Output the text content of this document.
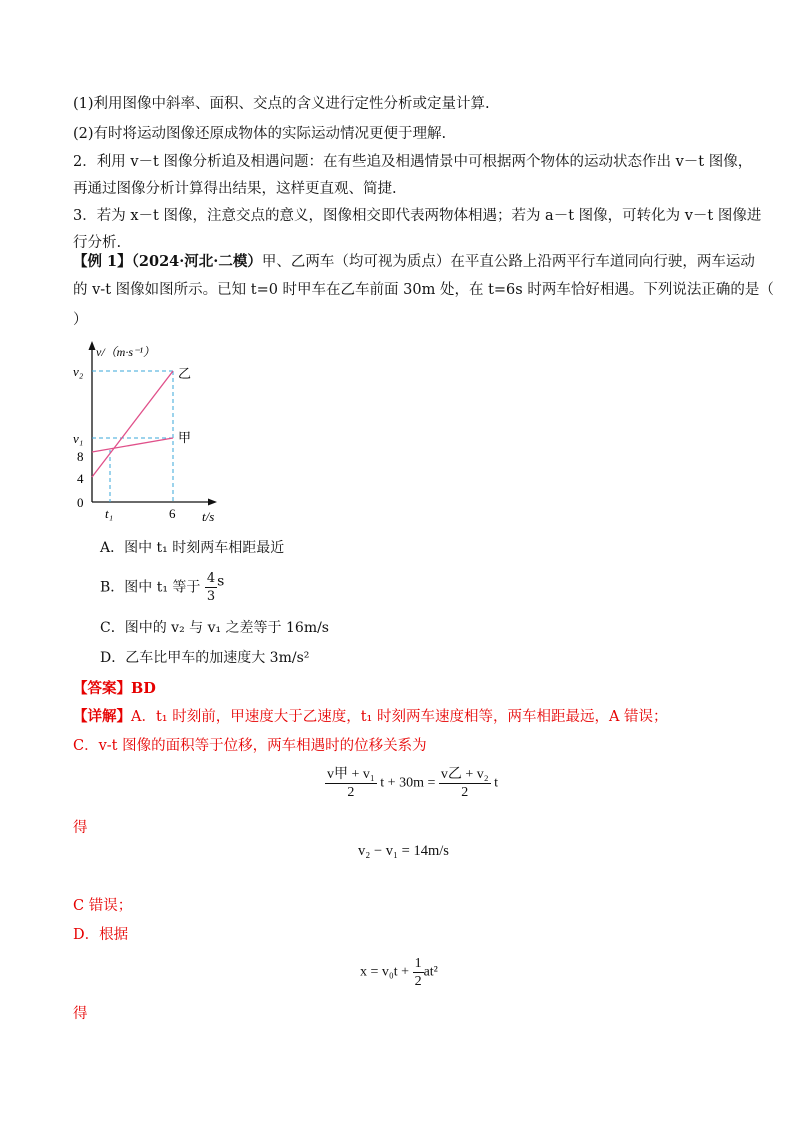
(1)利用图像中斜率、面积、交点的含义进行定性分析或定量计算.
(2)有时将运动图像还原成物体的实际运动情况更便于理解.
2．利用 v－t 图像分析追及相遇问题：在有些追及相遇情景中可根据两个物体的运动状态作出 v－t 图像，
再通过图像分析计算得出结果，这样更直观、简捷.
3．若为 x－t 图像，注意交点的意义，图像相交即代表两物体相遇；若为 a－t 图像，可转化为 v－t 图像进
行分析.
【例 1】（2024·河北·二模）甲、乙两车（均可视为质点）在平直公路上沿两平行车道同向行驶，两车运动
的 v-t 图像如图所示。已知 t=0 时甲车在乙车前面 30m 处，在 t=6s 时两车恰好相遇。下列说法正确的是（
）
v/（m·s⁻¹）
v₂
v₁
8
4
0
t₁	6 t/s
乙
甲
A．图中 t₁ 时刻两车相距最近
B．图中 t₁ 等于 $\frac{4}{3}$ s
C．图中的 v₂ 与 v₁ 之差等于 16m/s
D．乙车比甲车的加速度大 3m/s²
【答案】BD
【详解】A．t₁ 时刻前，甲速度大于乙速度，t₁ 时刻两车速度相等，两车相距最远，A 错误；
C．v-t 图像的面积等于位移，两车相遇时的位移关系为
$\frac{\text{v甲 + v₁}}{2}$ $t + 30m = \frac{\text{v乙 + v₂}}{2}$ t
得
v₂ − v₁ = 14m/s
C 错误；
D．根据
$x = v_0t + \frac{1}{2} at^2$
得
